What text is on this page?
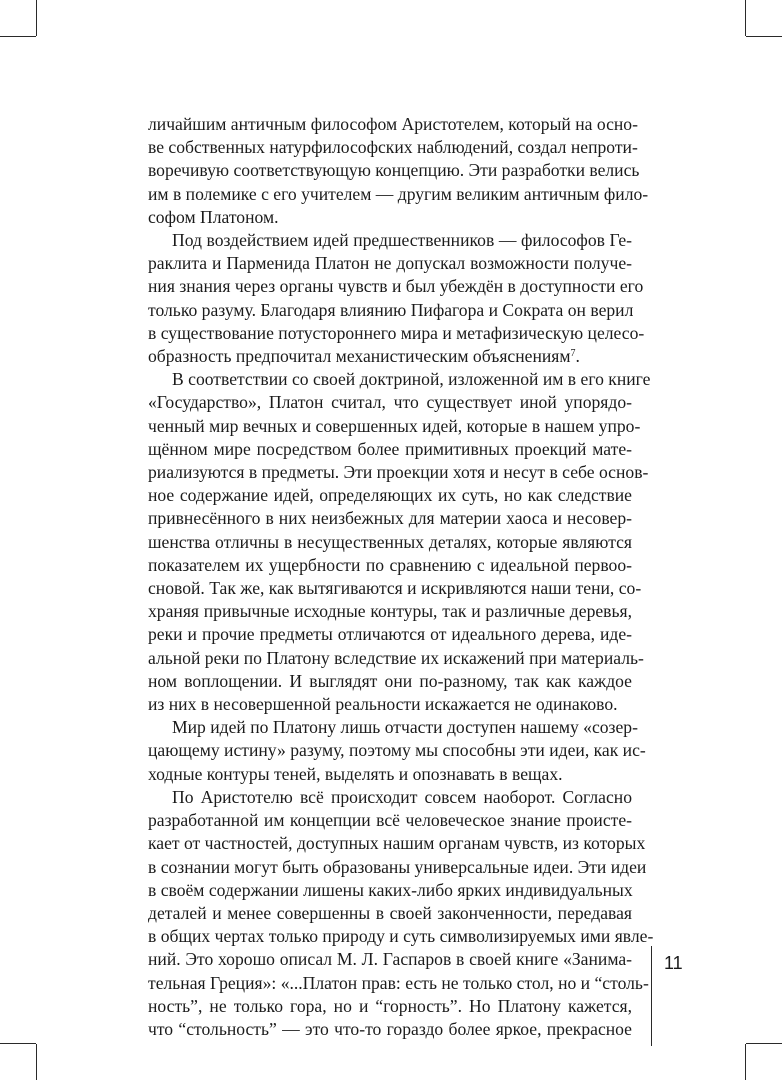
личайшим античным философом Аристотелем, который на осно-
ве собственных натурфилософских наблюдений, создал непроти-
воречивую соответствующую концепцию. Эти разработки велись
им в полемике с его учителем — другим великим античным фило-
софом Платоном.
Под воздействием идей предшественников — философов Ге-
раклита и Парменида Платон не допускал возможности получе-
ния знания через органы чувств и был убеждён в доступности его
только разуму. Благодаря влиянию Пифагора и Сократа он верил
в существование потустороннего мира и метафизическую целесо-
образность предпочитал механистическим объяснениям$^7$.
В соответствии со своей доктриной, изложенной им в его книге
«Государство», Платон считал, что существует иной упорядо-
ченный мир вечных и совершенных идей, которые в нашем упро-
щённом мире посредством более примитивных проекций мате-
риализуются в предметы. Эти проекции хотя и несут в себе основ-
ное содержание идей, определяющих их суть, но как следствие
привнесённого в них неизбежных для материи хаоса и несовер-
шенства отличны в несущественных деталях, которые являются
показателем их ущербности по сравнению с идеальной первоо-
сновой. Так же, как вытягиваются и искривляются наши тени, со-
храняя привычные исходные контуры, так и различные деревья,
реки и прочие предметы отличаются от идеального дерева, иде-
альной реки по Платону вследствие их искажений при материаль-
ном воплощении. И выглядят они по-разному, так как каждое
из них в несовершенной реальности искажается не одинаково.
Мир идей по Платону лишь отчасти доступен нашему «созер-
цающему истину» разуму, поэтому мы способны эти идеи, как ис-
ходные контуры теней, выделять и опознавать в вещах.
По Аристотелю всё происходит совсем наоборот. Согласно
разработанной им концепции всё человеческое знание проистe-
кает от частностей, доступных нашим органам чувств, из которых
в сознании могут быть образованы универсальные идеи. Эти идеи
в своём содержании лишены каких-либо ярких индивидуальных
деталей и менее совершенны в своей законченности, передавая
в общих чертах только природу и суть символизируемых ими явле-
ний. Это хорошо описал М. Л. Гаспаров в своей книге «Занима-
тельная Греция»: «...Платон прав: есть не только стол, но и “столь-
ность”, не только гора, но и “горность”. Но Платону кажется,
что “стольность” — это что-то гораздо более яркое, прекрасное
11
